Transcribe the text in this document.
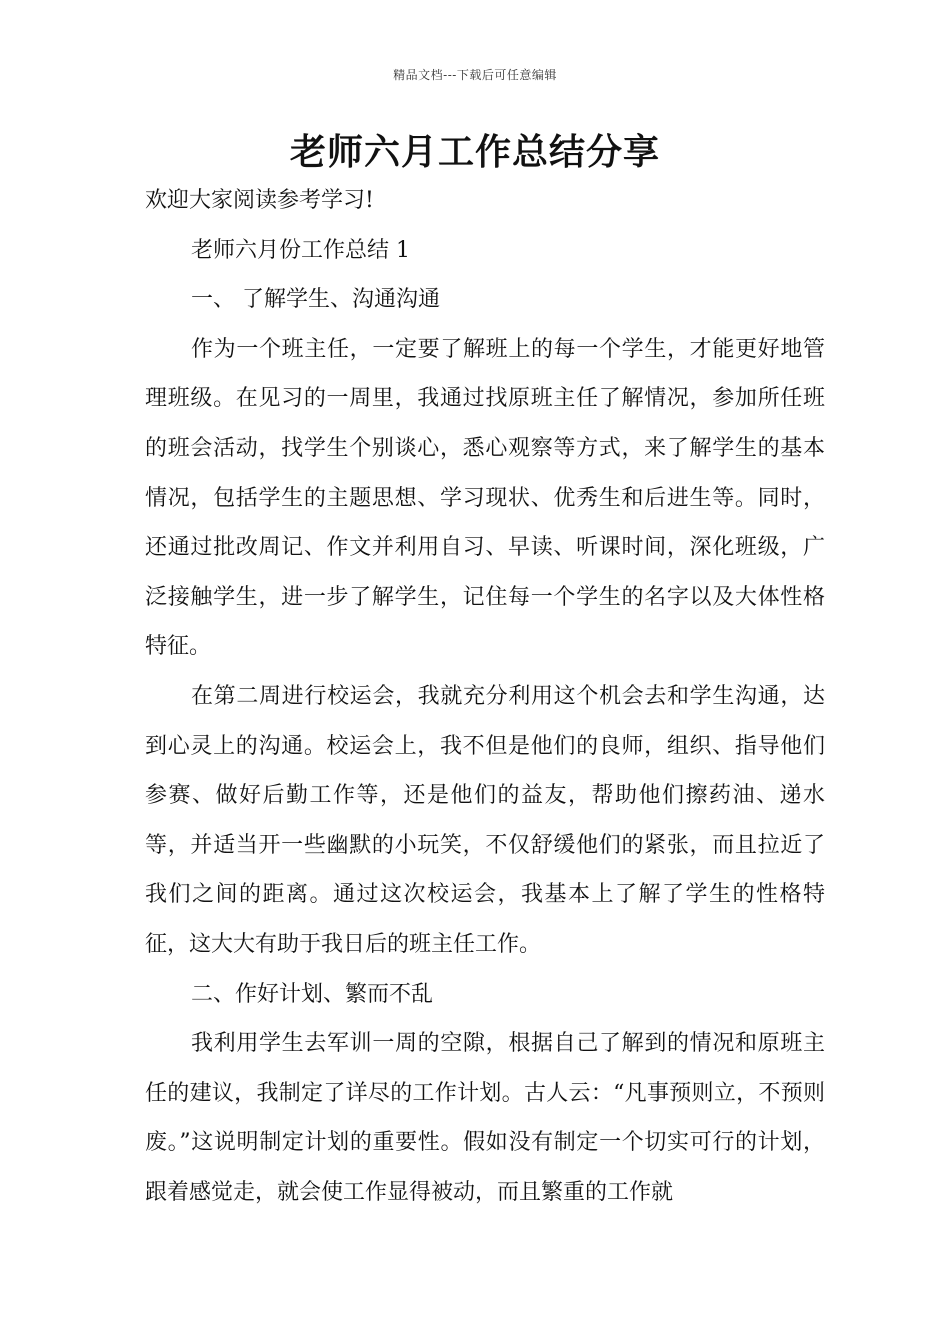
精品文档---下载后可任意编辑
老师六月工作总结分享

欢迎大家阅读参考学习!

老师六月份工作总结 1

一、 了解学生、沟通沟通

作为一个班主任，一定要了解班上的每一个学生，才能更好地管理班级。在见习的一周里，我通过找原班主任了解情况，参加所任班的班会活动，找学生个别谈心，悉心观察等方式，来了解学生的基本情况，包括学生的主题思想、学习现状、优秀生和后进生等。同时，还通过批改周记、作文并利用自习、早读、听课时间，深化班级，广泛接触学生，进一步了解学生，记住每一个学生的名字以及大体性格特征。

在第二周进行校运会，我就充分利用这个机会去和学生沟通，达到心灵上的沟通。校运会上，我不但是他们的良师，组织、指导他们参赛、做好后勤工作等，还是他们的益友，帮助他们擦药油、递水等，并适当开一些幽默的小玩笑，不仅舒缓他们的紧张，而且拉近了我们之间的距离。通过这次校运会，我基本上了解了学生的性格特征，这大大有助于我日后的班主任工作。

二、作好计划、繁而不乱

我利用学生去军训一周的空隙，根据自己了解到的情况和原班主任的建议，我制定了详尽的工作计划。古人云：“凡事预则立，不预则废。”这说明制定计划的重要性。假如没有制定一个切实可行的计划，跟着感觉走，就会使工作显得被动，而且繁重的工作就
